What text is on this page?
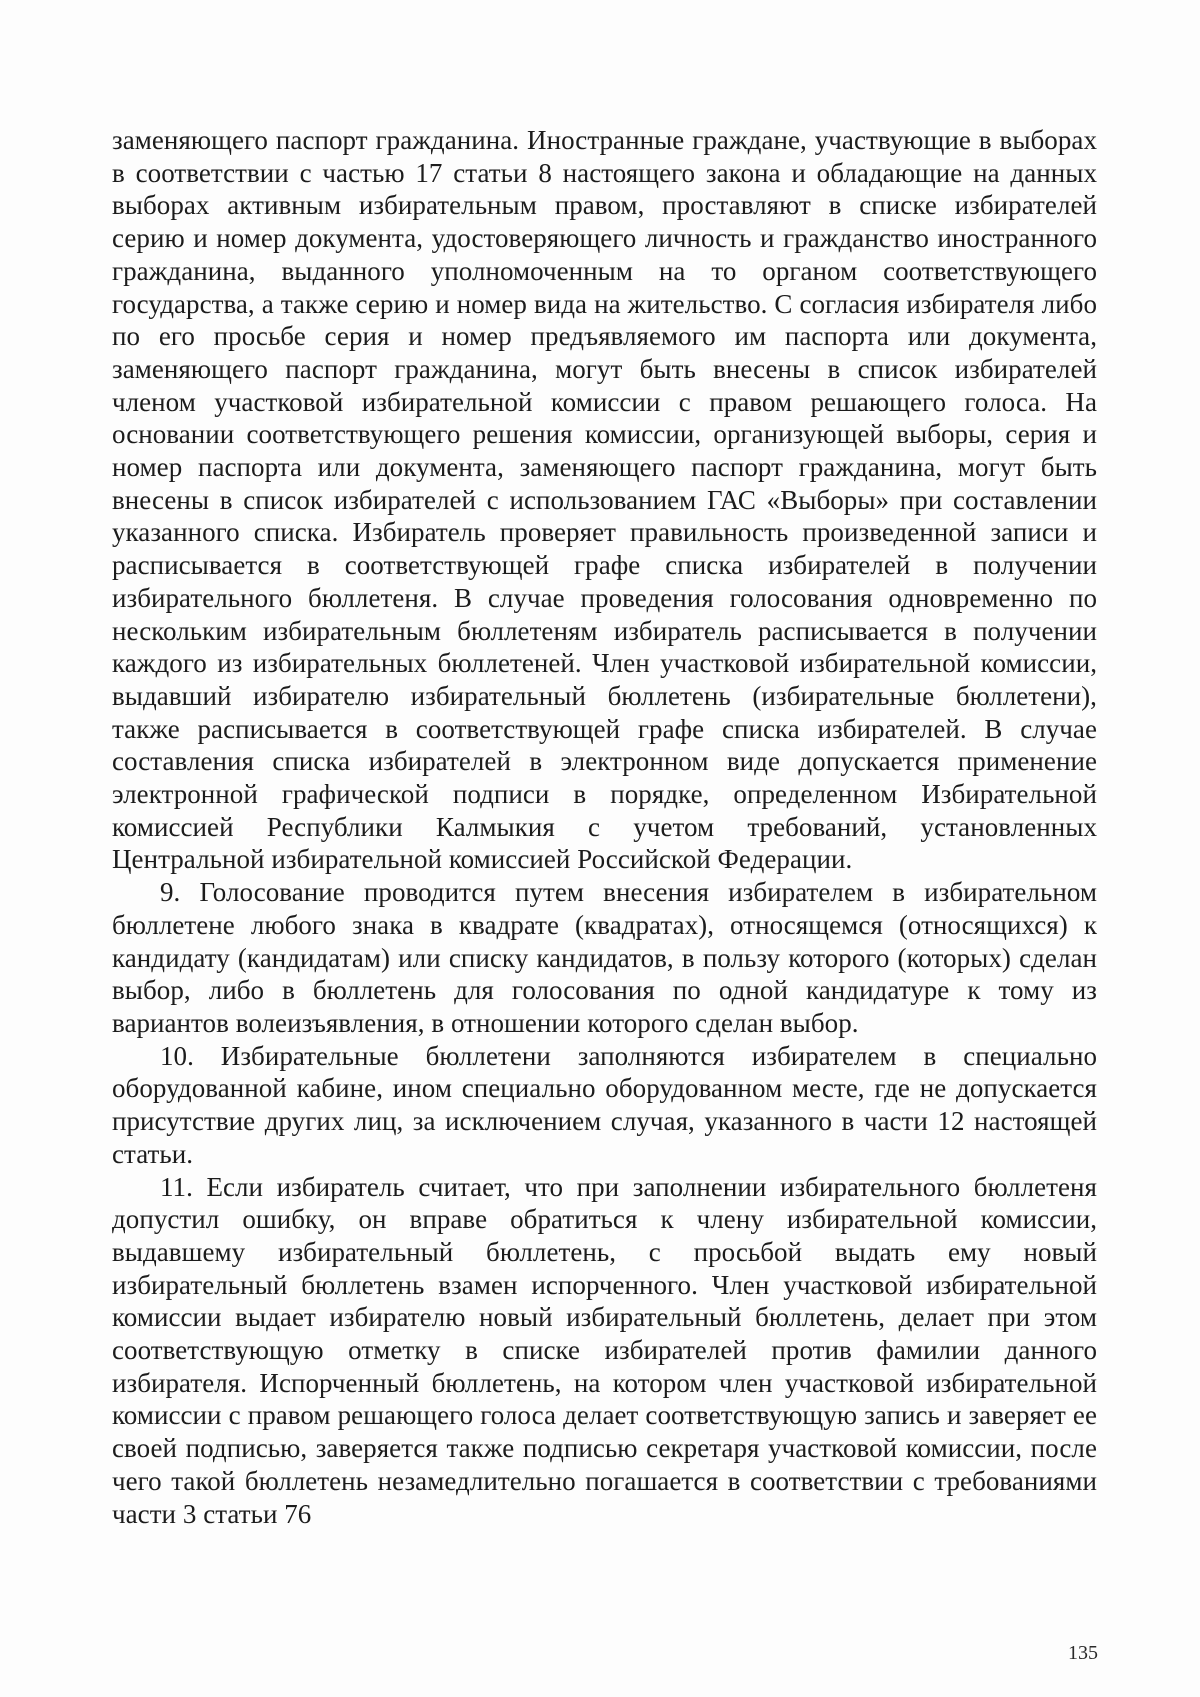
заменяющего паспорт гражданина. Иностранные граждане, участвующие в выборах в соответствии с частью 17 статьи 8 настоящего закона и обладающие на данных выборах активным избирательным правом, проставляют в списке избирателей серию и номер документа, удостоверяющего личность и гражданство иностранного гражданина, выданного уполномоченным на то органом соответствующего государства, а также серию и номер вида на жительство. С согласия избирателя либо по его просьбе серия и номер предъявляемого им паспорта или документа, заменяющего паспорт гражданина, могут быть внесены в список избирателей членом участковой избирательной комиссии с правом решающего голоса. На основании соответствующего решения комиссии, организующей выборы, серия и номер паспорта или документа, заменяющего паспорт гражданина, могут быть внесены в список избирателей с использованием ГАС «Выборы» при составлении указанного списка. Избиратель проверяет правильность произведенной записи и расписывается в соответствующей графе списка избирателей в получении избирательного бюллетеня. В случае проведения голосования одновременно по нескольким избирательным бюллетеням избиратель расписывается в получении каждого из избирательных бюллетеней. Член участковой избирательной комиссии, выдавший избирателю избирательный бюллетень (избирательные бюллетени), также расписывается в соответствующей графе списка избирателей. В случае составления списка избирателей в электронном виде допускается применение электронной графической подписи в порядке, определенном Избирательной комиссией Республики Калмыкия с учетом требований, установленных Центральной избирательной комиссией Российской Федерации.

9. Голосование проводится путем внесения избирателем в избирательном бюллетене любого знака в квадрате (квадратах), относящемся (относящихся) к кандидату (кандидатам) или списку кандидатов, в пользу которого (которых) сделан выбор, либо в бюллетень для голосования по одной кандидатуре к тому из вариантов волеизъявления, в отношении которого сделан выбор.

10. Избирательные бюллетени заполняются избирателем в специально оборудованной кабине, ином специально оборудованном месте, где не допускается присутствие других лиц, за исключением случая, указанного в части 12 настоящей статьи.

11. Если избиратель считает, что при заполнении избирательного бюллетеня допустил ошибку, он вправе обратиться к члену избирательной комиссии, выдавшему избирательный бюллетень, с просьбой выдать ему новый избирательный бюллетень взамен испорченного. Член участковой избирательной комиссии выдает избирателю новый избирательный бюллетень, делает при этом соответствующую отметку в списке избирателей против фамилии данного избирателя. Испорченный бюллетень, на котором член участковой избирательной комиссии с правом решающего голоса делает соответствующую запись и заверяет ее своей подписью, заверяется также подписью секретаря участковой комиссии, после чего такой бюллетень незамедлительно погашается в соответствии с требованиями части 3 статьи 76

135
